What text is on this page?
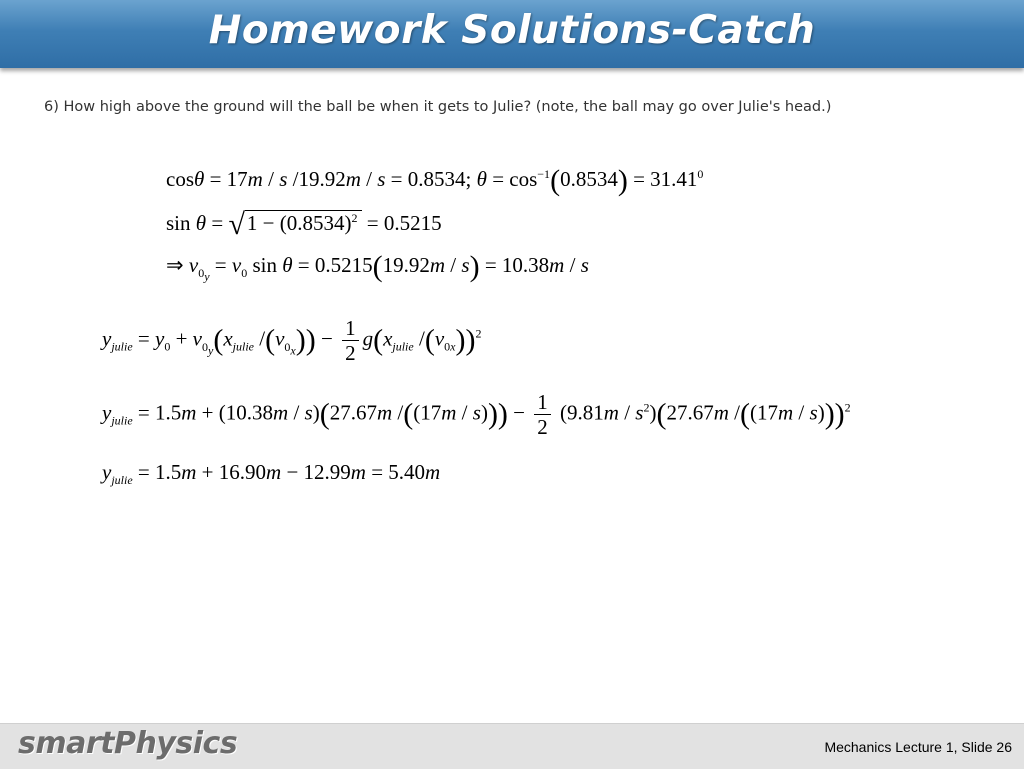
Homework Solutions-Catch
6) How high above the ground will the ball be when it gets to Julie? (note, the ball may go over Julie's head.)
cosθ = 17m / s /19.92m / s = 0.8534; $\theta = \cos^{-1}(0.8534) = 31.41^0$
$\sin \theta = √1 - (0.8534)^2 = 0.5215$
⇒ $v_{0_y} = v_0$ sin θ = 0.5215(19.92m / s) = 10.38m / s
$y_{julie} = y_0 + v_{0_y}(x_{julie}$ $/(v_{0_x})) - \frac{1}{2} g(x_{julie}$ $/(v_{0x}))^2$
$y_{julie} = 1.5m + (10.38m / s)(27.67m$ $/((17m / s))) - \frac{1}{2} (9.81m / s^2)(27.67m$ /((17m / s)))$^2$
$y_{julie} = 1.5m + 16.90m - 12.99m = 5.40m$
smartPhysics	Mechanics Lecture 1, Slide 26
